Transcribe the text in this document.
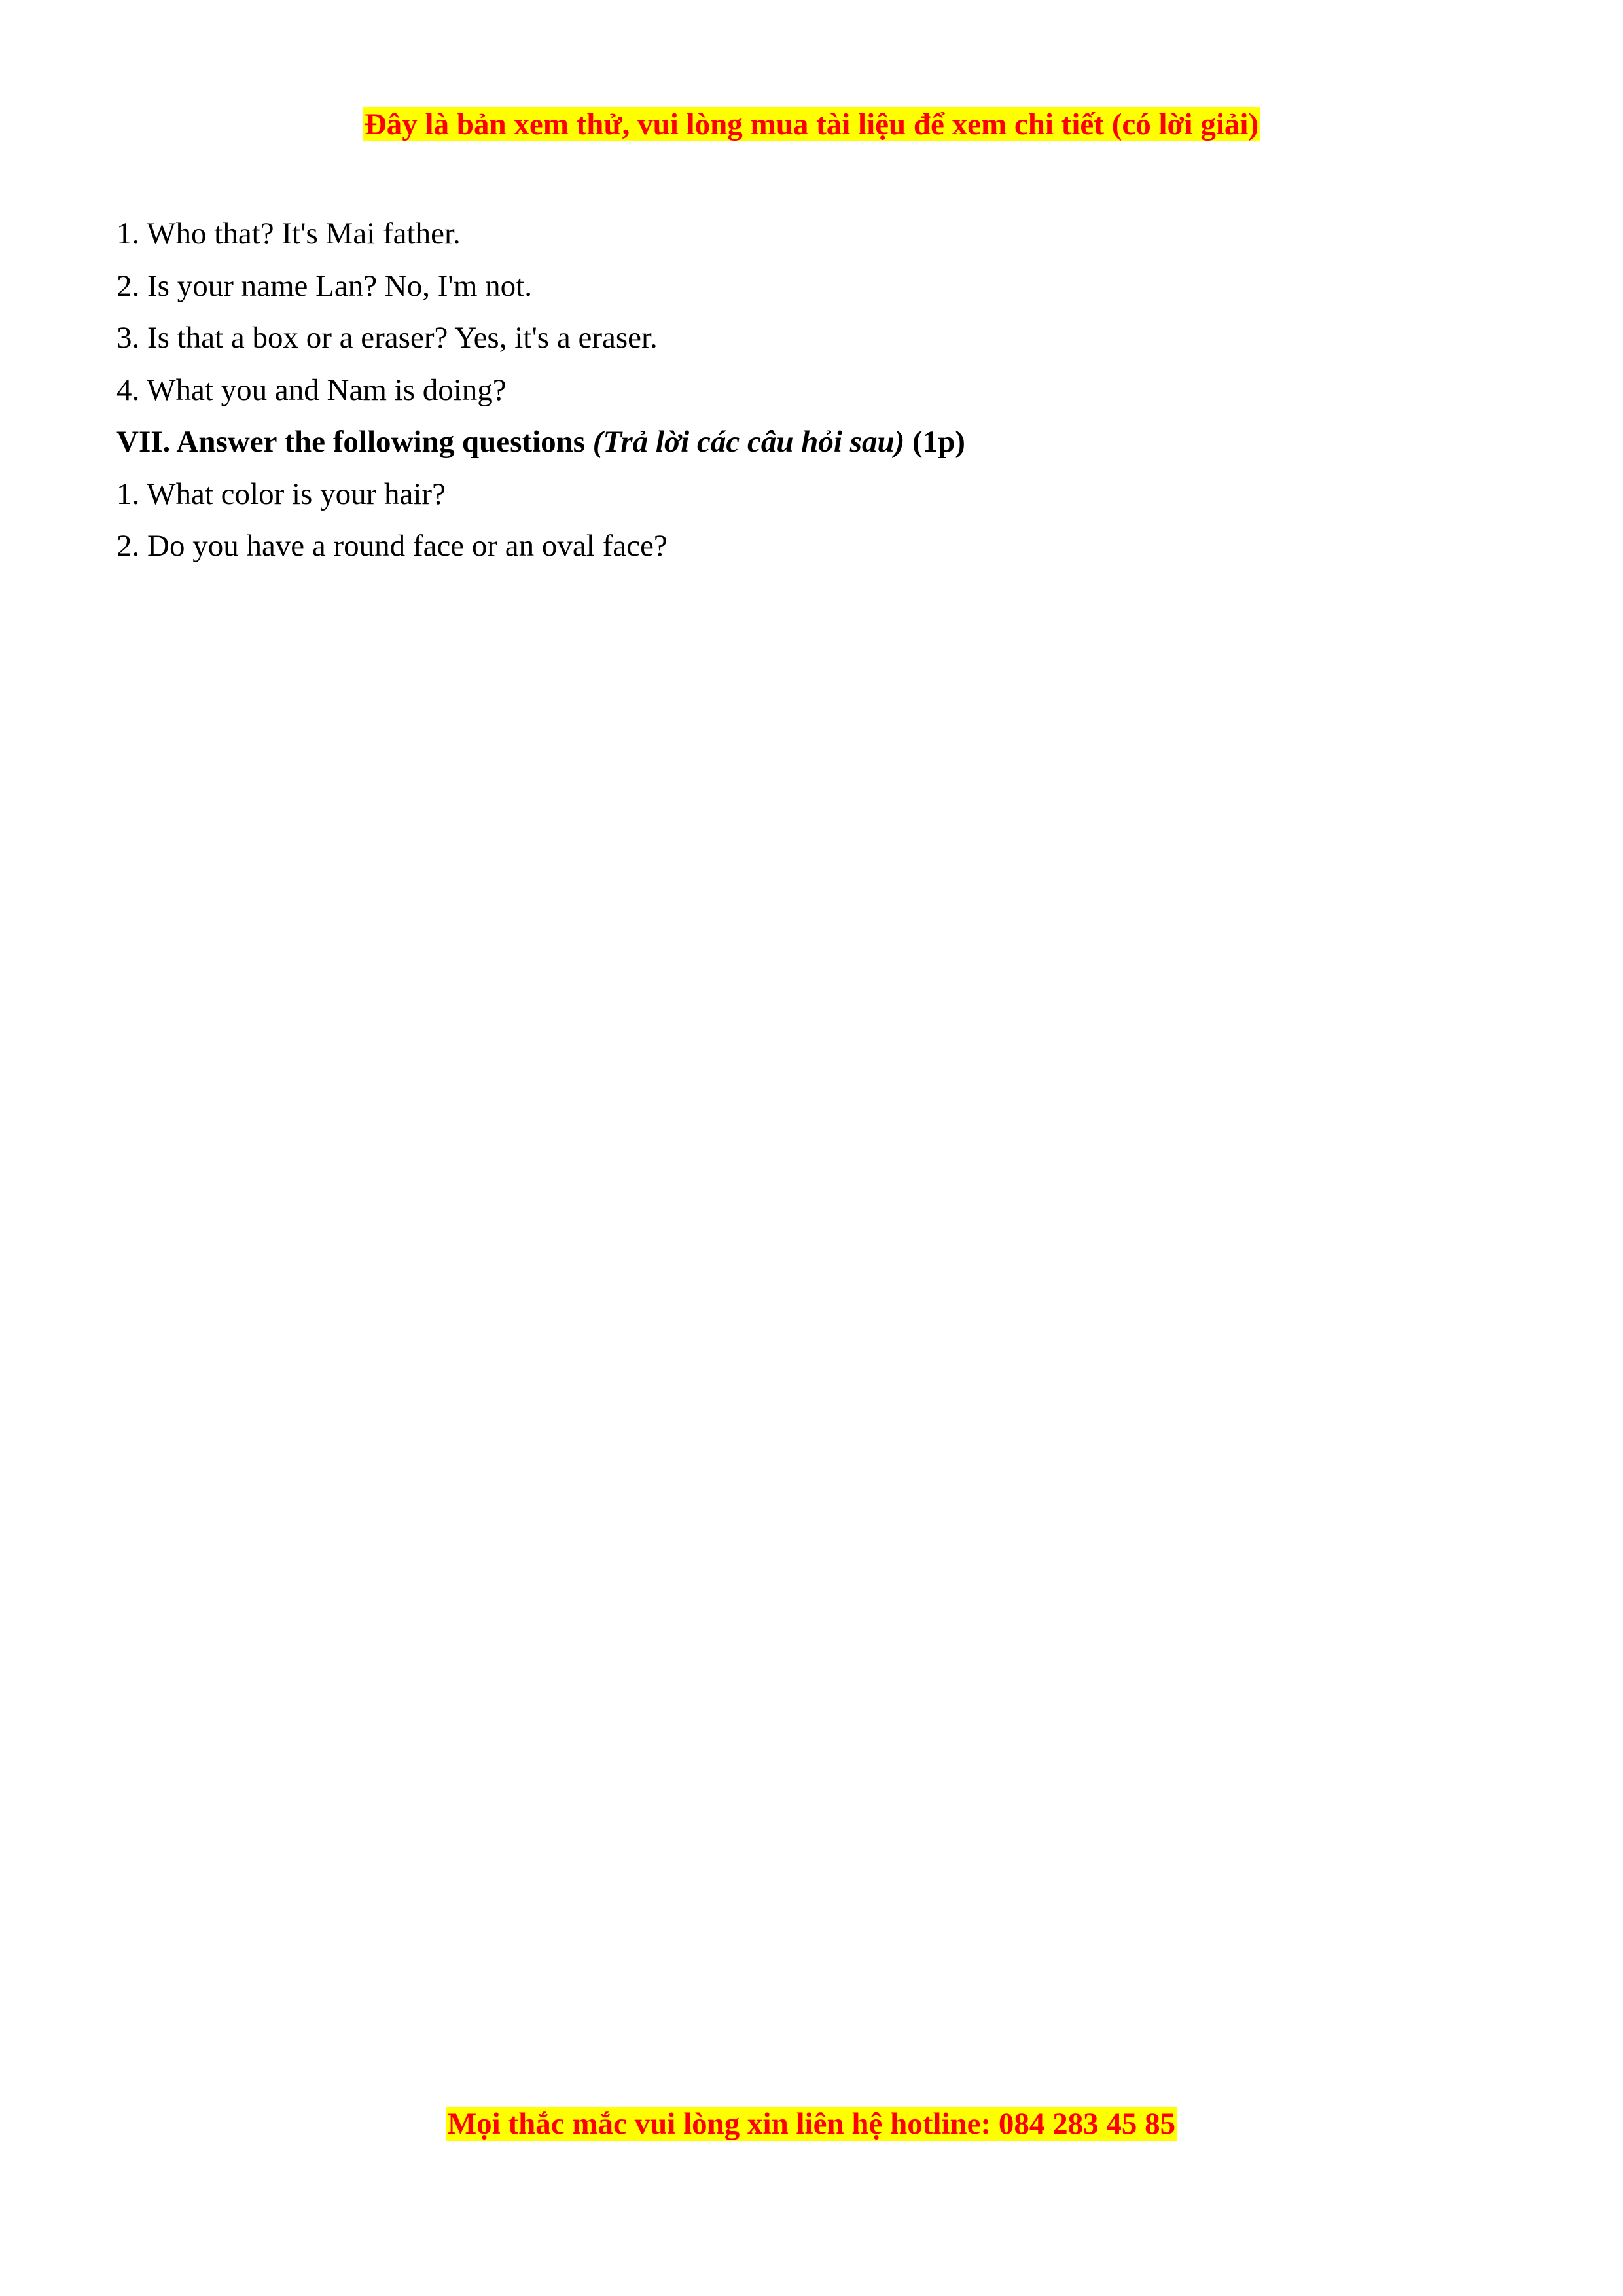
Đây là bản xem thử, vui lòng mua tài liệu để xem chi tiết (có lời giải)
1. Who that? It's Mai father.
2. Is your name Lan? No, I'm not.
3. Is that a box or a eraser? Yes, it's a eraser.
4. What you and Nam is doing?
VII. Answer the following questions (Trả lời các câu hỏi sau) (1p)
1. What color is your hair?
2. Do you have a round face or an oval face?
Mọi thắc mắc vui lòng xin liên hệ hotline: 084 283 45 85
